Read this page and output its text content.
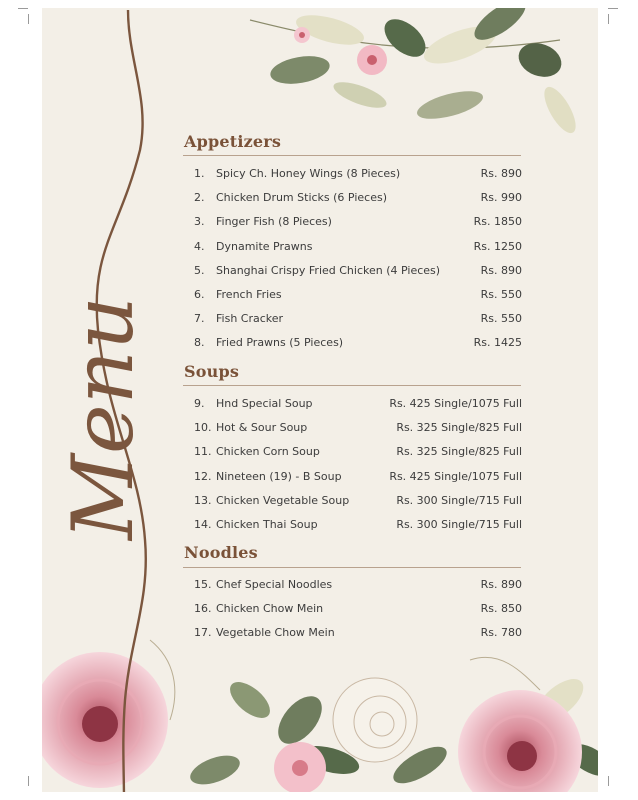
Menu
Appetizers
1. Spicy Ch. Honey Wings (8 Pieces)	Rs. 890
2. Chicken Drum Sticks (6 Pieces)	Rs. 990
3. Finger Fish (8 Pieces)	Rs. 1850
4. Dynamite Prawns	Rs. 1250
5. Shanghai Crispy Fried Chicken (4 Pieces)	Rs. 890
6. French Fries	Rs. 550
7. Fish Cracker	Rs. 550
8. Fried Prawns (5 Pieces)	Rs. 1425
Soups
9. Hnd Special Soup	Rs. 425 Single/1075 Full
10. Hot & Sour Soup	Rs. 325 Single/825 Full
11. Chicken Corn Soup	Rs. 325 Single/825 Full
12. Nineteen (19) - B Soup	Rs. 425 Single/1075 Full
13. Chicken Vegetable Soup	Rs. 300 Single/715 Full
14. Chicken Thai Soup	Rs. 300 Single/715 Full
Noodles
15. Chef Special Noodles	Rs. 890
16. Chicken Chow Mein	Rs. 850
17. Vegetable Chow Mein	Rs. 780
